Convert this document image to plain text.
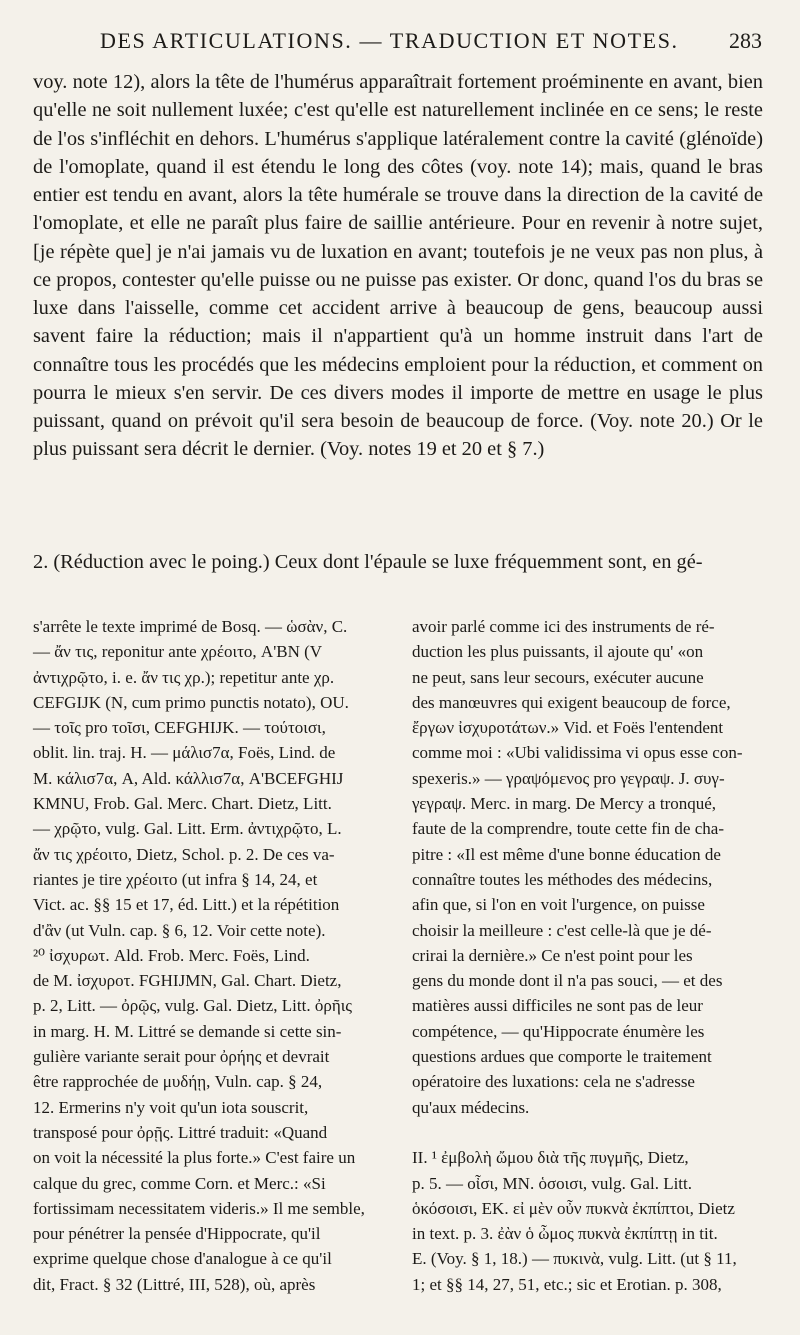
DES ARTICULATIONS. — TRADUCTION ET NOTES. 283

voy. note 12), alors la tête de l'humérus apparaîtrait fortement proéminente en avant, bien qu'elle ne soit nullement luxée; c'est qu'elle est naturellement inclinée en ce sens; le reste de l'os s'infléchit en dehors. L'humérus s'applique latéralement contre la cavité (glénoïde) de l'omoplate, quand il est étendu le long des côtes (voy. note 14); mais, quand le bras entier est tendu en avant, alors la tête humérale se trouve dans la direction de la cavité de l'omoplate, et elle ne paraît plus faire de saillie antérieure. Pour en revenir à notre sujet, [je répète que] je n'ai jamais vu de luxation en avant; toutefois je ne veux pas non plus, à ce propos, contester qu'elle puisse ou ne puisse pas exister. Or donc, quand l'os du bras se luxe dans l'aisselle, comme cet accident arrive à beaucoup de gens, beaucoup aussi savent faire la réduction; mais il n'appartient qu'à un homme instruit dans l'art de connaître tous les procédés que les médecins emploient pour la réduction, et comment on pourra le mieux s'en servir. De ces divers modes il importe de mettre en usage le plus puissant, quand on prévoit qu'il sera besoin de beaucoup de force. (Voy. note 20.) Or le plus puissant sera décrit le dernier. (Voy. notes 19 et 20 et § 7.)

2. (Réduction avec le poing.) Ceux dont l'épaule se luxe fréquemment sont, en gé-
s'arrête le texte imprimé de Bosq. — ὡσὰν, C.
— ἄν τις, reponitur ante χρέοιτο, A'BN (V
ἀντιχρῷτο, i. e. ἄν τις χρ.); repetitur ante χρ.
CEFGIJK (N, cum primo punctis notato), OU.
— τοῖς pro τοῖσι, CEFGHIJK. — τούτοισι,
oblit. lin. traj. H. — μάλισ7α, Foës, Lind. de
M. κάλισ7α, A, Ald. κάλλισ7α, A'BCEFGHIJ
KMNU, Frob. Gal. Merc. Chart. Dietz, Litt.
— χρῷτο, vulg. Gal. Litt. Erm. ἀντιχρῷτο, L.
ἄν τις χρέοιτο, Dietz, Schol. p. 2. De ces va-
riantes je tire χρέοιτο (ut infra § 14, 24, et
Vict. ac. §§ 15 et 17, éd. Litt.) et la répétition
d'ἂν (ut Vuln. cap. § 6, 12. Voir cette note).
²⁰ ἰσχυρωτ. Ald. Frob. Merc. Foës, Lind.
de M. ἰσχυροτ. FGHIJMN, Gal. Chart. Dietz,
p. 2, Litt. — ὀρῷς, vulg. Gal. Dietz, Litt. ὀρῆις
in marg. H. M. Littré se demande si cette sin-
gulière variante serait pour ὀρήης et devrait
être rapprochée de μυδήῃ, Vuln. cap. § 24,
12. Ermerins n'y voit qu'un iota souscrit,
transposé pour ὀρῇς. Littré traduit: «Quand
on voit la nécessité la plus forte.» C'est faire un
calque du grec, comme Corn. et Merc.: «Si
fortissimam necessitatem videris.» Il me semble,
pour pénétrer la pensée d'Hippocrate, qu'il
exprime quelque chose d'analogue à ce qu'il
dit, Fract. § 32 (Littré, III, 528), où, après
avoir parlé comme ici des instruments de ré-
duction les plus puissants, il ajoute qu' «on
ne peut, sans leur secours, exécuter aucune
des manœuvres qui exigent beaucoup de force,
ἔργων ἰσχυροτάτων.» Vid. et Foës l'entendent
comme moi : «Ubi validissima vi opus esse con-
spexeris.» — γραψόμενος pro γεγραψ. J. συγ-
γεγραψ. Merc. in marg. De Mercy a tronqué,
faute de la comprendre, toute cette fin de cha-
pitre : «Il est même d'une bonne éducation de
connaître toutes les méthodes des médecins,
afin que, si l'on en voit l'urgence, on puisse
choisir la meilleure : c'est celle-là que je dé-
crirai la dernière.» Ce n'est point pour les
gens du monde dont il n'a pas souci, — et des
matières aussi difficiles ne sont pas de leur
compétence, — qu'Hippocrate énumère les
questions ardues que comporte le traitement
opératoire des luxations: cela ne s'adresse
qu'aux médecins.
II. ¹ ἐμβολὴ ὤμου διὰ τῆς πυγμῆς, Dietz,
p. 5. — οἶσι, MN. ὁσοισι, vulg. Gal. Litt.
ὁκόσοισι, EK. εἰ μὲν οὖν πυκνὰ ἐκπίπτοι, Dietz
in text. p. 3. ἐὰν ὁ ὦμος πυκνὰ ἐκπίπτῃ in tit.
E. (Voy. § 1, 18.) — πυκινὰ, vulg. Litt. (ut § 11,
1; et §§ 14, 27, 51, etc.; sic et Erotian. p. 308,
